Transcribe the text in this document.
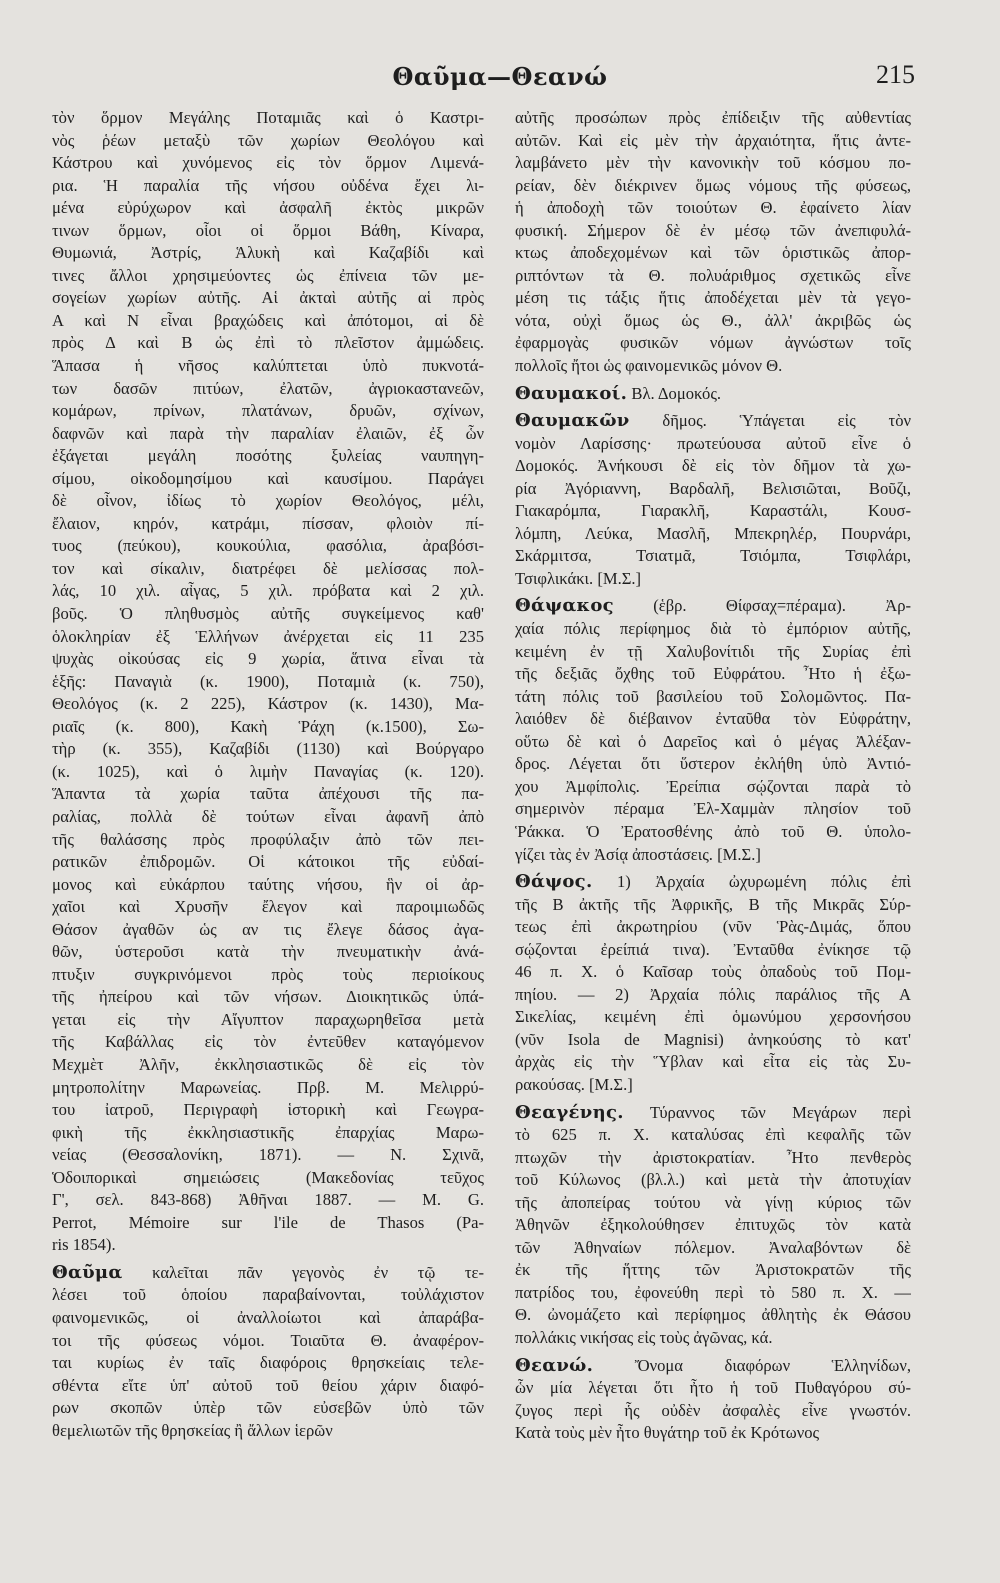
Θαῦμα—Θεανώ	215
τὸν ὅρμον Μεγάλης Ποταμιᾶς καὶ ὁ Καστρι-
νὸς ῥέων μεταξὺ τῶν χωρίων Θεολόγου καὶ
Κάστρου καὶ χυνόμενος εἰς τὸν ὅρμον Λιμενά-
ρια. Ἡ παραλία τῆς νήσου οὐδένα ἔχει λι-
μένα εὐρύχωρον καὶ ἀσφαλῆ ἐκτὸς μικρῶν
τινων ὅρμων, οἷοι οἱ ὅρμοι Βάθη, Κίναρα,
Θυμωνιά, Ἀστρίς, Ἁλυκὴ καὶ Καζαβίδι καὶ
τινες ἄλλοι χρησιμεύοντες ὡς ἐπίνεια τῶν με-
σογείων χωρίων αὐτῆς. Αἱ ἀκταὶ αὐτῆς αἱ πρὸς
Α καὶ Ν εἶναι βραχώδεις καὶ ἀπότομοι, αἱ δὲ
πρὸς Δ καὶ Β ὡς ἐπὶ τὸ πλεῖστον ἀμμώδεις.
Ἅπασα ἡ νῆσος καλύπτεται ὑπὸ πυκνοτά-
των δασῶν πιτύων, ἐλατῶν, ἀγριοκαστανεῶν,
κομάρων, πρίνων, πλατάνων, δρυῶν, σχίνων,
δαφνῶν καὶ παρὰ τὴν παραλίαν ἐλαιῶν, ἐξ ὧν
ἐξάγεται μεγάλη ποσότης ξυλείας ναυπηγη-
σίμου, οἰκοδομησίμου καὶ καυσίμου. Παράγει
δὲ οἶνον, ἰδίως τὸ χωρίον Θεολόγος, μέλι,
ἔλαιον, κηρόν, κατράμι, πίσσαν, φλοιὸν πί-
τυος (πεύκου), κουκούλια, φασόλια, ἀραβόσι-
τον καὶ σίκαλιν, διατρέφει δὲ μελίσσας πολ-
λάς, 10 χιλ. αἶγας, 5 χιλ. πρόβατα καὶ 2 χιλ.
βοῦς. Ὁ πληθυσμὸς αὐτῆς συγκείμενος καθ'
ὁλοκληρίαν ἐξ Ἑλλήνων ἀνέρχεται εἰς 11 235
ψυχὰς οἰκούσας εἰς 9 χωρία, ἅτινα εἶναι τὰ
ἑξῆς: Παναγιὰ (κ. 1900), Ποταμιὰ (κ. 750),
Θεολόγος (κ. 2 225), Κάστρον (κ. 1430), Μα-
ριαῖς (κ. 800), Κακὴ Ῥάχη (κ.1500), Σω-
τὴρ (κ. 355), Καζαβίδι (1130) καὶ Βούργαρο
(κ. 1025), καὶ ὁ λιμὴν Παναγίας (κ. 120).
Ἅπαντα τὰ χωρία ταῦτα ἀπέχουσι τῆς πα-
ραλίας, πολλὰ δὲ τούτων εἶναι ἀφανῆ ἀπὸ
τῆς θαλάσσης πρὸς προφύλαξιν ἀπὸ τῶν πει-
ρατικῶν ἐπιδρομῶν. Οἱ κάτοικοι τῆς εὐδαί-
μονος καὶ εὐκάρπου ταύτης νήσου, ἣν οἱ ἀρ-
χαῖοι καὶ Χρυσῆν ἔλεγον καὶ παροιμιωδῶς
Θάσον ἀγαθῶν ὡς αν τις ἔλεγε δάσος ἀγα-
θῶν, ὑστεροῦσι κατὰ τὴν πνευματικὴν ἀνά-
πτυξιν συγκρινόμενοι πρὸς τοὺς περιοίκους
τῆς ἠπείρου καὶ τῶν νήσων. Διοικητικῶς ὑπά-
γεται εἰς τὴν Αἴγυπτον παραχωρηθεῖσα μετὰ
τῆς Καβάλλας εἰς τὸν ἐντεῦθεν καταγόμενον
Μεχμὲτ Ἀλῆν, ἐκκλησιαστικῶς δὲ εἰς τὸν
μητροπολίτην Μαρωνείας. Πρβ. Μ. Μελιρρύ-
του ἰατροῦ, Περιγραφὴ ἱστορικὴ καὶ Γεωγρα-
φικὴ τῆς ἐκκλησιαστικῆς ἐπαρχίας Μαρω-
νείας (Θεσσαλονίκη, 1871). — N. Σχινᾶ,
Ὁδοιπορικαὶ σημειώσεις (Μακεδονίας τεῦχος
Γ', σελ. 843-868) Ἀθῆναι 1887. — M. G.
Perrot, Mémoire sur l'ile de Thasos (Pa-
ris 1854).
Θαῦμα καλεῖται πᾶν γεγονὸς ἐν τῷ τε-
λέσει τοῦ ὁποίου παραβαίνονται, τοὐλάχιστον
φαινομενικῶς, οἱ ἀναλλοίωτοι καὶ ἀπαράβα-
τοι τῆς φύσεως νόμοι. Τοιαῦτα Θ. ἀναφέρον-
ται κυρίως ἐν ταῖς διαφόροις θρησκείαις τελε-
σθέντα εἴτε ὑπ' αὐτοῦ τοῦ θείου χάριν διαφό-
ρων σκοπῶν ὑπὲρ τῶν εὐσεβῶν ὑπὸ τῶν
θεμελιωτῶν τῆς θρησκείας ἢ ἄλλων ἱερῶν
αὐτῆς προσώπων πρὸς ἐπίδειξιν τῆς αὐθεντίας
αὐτῶν. Καὶ εἰς μὲν τὴν ἀρχαιότητα, ἥτις ἀντε-
λαμβάνετο μὲν τὴν κανονικὴν τοῦ κόσμου πο-
ρείαν, δὲν διέκρινεν ὅμως νόμους τῆς φύσεως,
ἡ ἀποδοχὴ τῶν τοιούτων Θ. ἐφαίνετο λίαν
φυσική. Σήμερον δὲ ἐν μέσῳ τῶν ἀνεπιφυλά-
κτως ἀποδεχομένων καὶ τῶν ὁριστικῶς ἀπορ-
ριπτόντων τὰ Θ. πολυάριθμος σχετικῶς εἶνε
μέση τις τάξις ἥτις ἀποδέχεται μὲν τὰ γεγο-
νότα, οὐχὶ ὅμως ὡς Θ., ἀλλ' ἀκριβῶς ὡς
ἐφαρμογὰς φυσικῶν νόμων ἀγνώστων τοῖς
πολλοῖς ἤτοι ὡς φαινομενικῶς μόνον Θ.
Θαυμακοί. Βλ. Δομοκός.
Θαυμακῶν δῆμος. Ὑπάγεται εἰς τὸν
νομὸν Λαρίσσης· πρωτεύουσα αὐτοῦ εἶνε ὁ
Δομοκός. Ἀνήκουσι δὲ εἰς τὸν δῆμον τὰ χω-
ρία Ἀγόριαννη, Βαρδαλῆ, Βελισιῶται, Βοῦζι,
Γιακαρόμπα, Γιαρακλῆ, Καραστάλι, Κουσ-
λόμπη, Λεύκα, Μασλῆ, Μπεκρηλέρ, Πουρνάρι,
Σκάρμιτσα, Τσιατμᾶ, Τσιόμπα, Τσιφλάρι,
Τσιφλικάκι. [Μ.Σ.]
Θάψακος (ἑβρ. Θίφσαχ=πέραμα). Ἀρ-
χαία πόλις περίφημος διὰ τὸ ἐμπόριον αὐτῆς,
κειμένη ἐν τῇ Χαλυβονίτιδι τῆς Συρίας ἐπὶ
τῆς δεξιᾶς ὄχθης τοῦ Εὐφράτου. Ἦτο ἡ ἐξω-
τάτη πόλις τοῦ βασιλείου τοῦ Σολομῶντος. Πα-
λαιόθεν δὲ διέβαινον ἐνταῦθα τὸν Εὐφράτην,
οὕτω δὲ καὶ ὁ Δαρεῖος καὶ ὁ μέγας Ἀλέξαν-
δρος. Λέγεται ὅτι ὕστερον ἐκλήθη ὑπὸ Ἀντιό-
χου Ἀμφίπολις. Ἐρείπια σῴζονται παρὰ τὸ
σημερινὸν πέραμα Ἐλ-Χαμμὰν πλησίον τοῦ
Ῥάκκα. Ὁ Ἐρατοσθένης ἀπὸ τοῦ Θ. ὑπολο-
γίζει τὰς ἐν Ἀσίᾳ ἀποστάσεις. [Μ.Σ.]
Θάψος. 1) Ἀρχαία ὠχυρωμένη πόλις ἐπὶ
τῆς Β ἀκτῆς τῆς Ἀφρικῆς, Β τῆς Μικρᾶς Σύρ-
τεως ἐπὶ ἀκρωτηρίου (νῦν Ῥὰς-Διμάς, ὅπου
σῴζονται ἐρείπιά τινα). Ἐνταῦθα ἐνίκησε τῷ
46 π. Χ. ὁ Καῖσαρ τοὺς ὀπαδοὺς τοῦ Πομ-
πηίου. — 2) Ἀρχαία πόλις παράλιος τῆς Α
Σικελίας, κειμένη ἐπὶ ὁμωνύμου χερσονήσου
(νῦν Isola de Magnisi) ἀνηκούσης τὸ κατ'
ἀρχὰς εἰς τὴν Ὕβλαν καὶ εἶτα εἰς τὰς Συ-
ρακούσας. [Μ.Σ.]
Θεαγένης. Τύραννος τῶν Μεγάρων περὶ
τὸ 625 π. Χ. καταλύσας ἐπὶ κεφαλῆς τῶν
πτωχῶν τὴν ἀριστοκρατίαν. Ἦτο πενθερὸς
τοῦ Κύλωνος (βλ.λ.) καὶ μετὰ τὴν ἀποτυχίαν
τῆς ἀποπείρας τούτου νὰ γίνῃ κύριος τῶν
Ἀθηνῶν ἐξηκολούθησεν ἐπιτυχῶς τὸν κατὰ
τῶν Ἀθηναίων πόλεμον. Ἀναλαβόντων δὲ
ἐκ τῆς ἥττης τῶν Ἀριστοκρατῶν τῆς
πατρίδος του, ἐφονεύθη περὶ τὸ 580 π. Χ. —
Θ. ὠνομάζετο καὶ περίφημος ἀθλητὴς ἐκ Θάσου
πολλάκις νικήσας εἰς τοὺς ἀγῶνας, κά.
Θεανώ. Ὄνομα διαφόρων Ἑλληνίδων,
ὧν μία λέγεται ὅτι ἦτο ἡ τοῦ Πυθαγόρου σύ-
ζυγος περὶ ἧς οὐδὲν ἀσφαλὲς εἶνε γνωστόν.
Κατὰ τοὺς μὲν ἦτο θυγάτηρ τοῦ ἐκ Κρότωνος
